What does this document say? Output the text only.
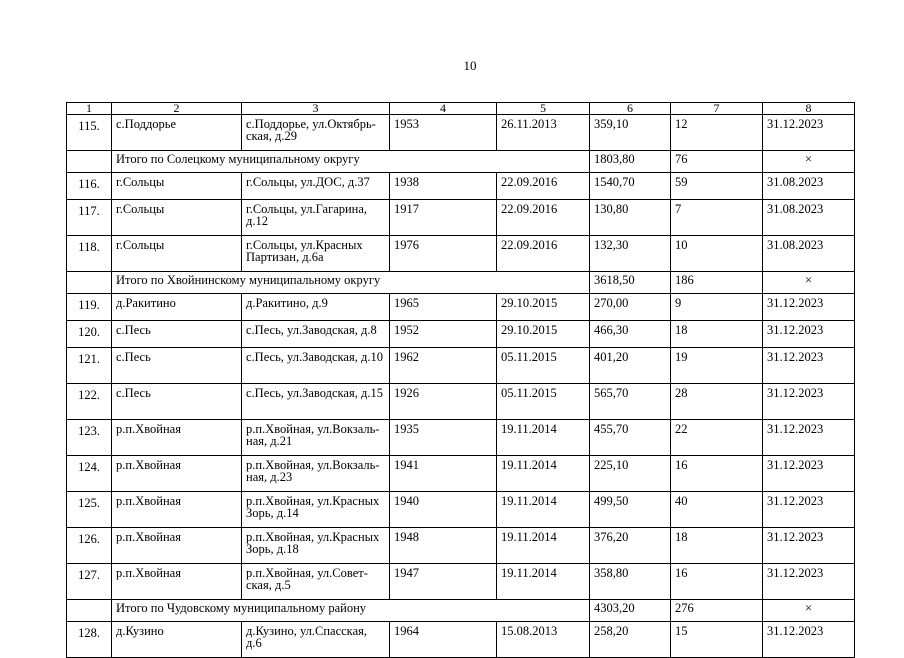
10
1	2	3	4	5	6	7	8
115.	с.Поддорье	с.Поддорье, ул.Октябрь-ская, д.29	1953	26.11.2013	359,10	12	31.12.2023
	Итого по Солецкому муниципальному округу				1803,80	76	×
116.	г.Сольцы	г.Сольцы, ул.ДОС, д.37	1938	22.09.2016	1540,70	59	31.08.2023
117.	г.Сольцы	г.Сольцы, ул.Гагарина, д.12	1917	22.09.2016	130,80	7	31.08.2023
118.	г.Сольцы	г.Сольцы, ул.Красных Партизан, д.6а	1976	22.09.2016	132,30	10	31.08.2023
	Итого по Хвойнинскому муниципальному округу				3618,50	186	×
119.	д.Ракитино	д.Ракитино, д.9	1965	29.10.2015	270,00	9	31.12.2023
120.	с.Песь	с.Песь, ул.Заводская, д.8	1952	29.10.2015	466,30	18	31.12.2023
121.	с.Песь	с.Песь, ул.Заводская, д.10	1962	05.11.2015	401,20	19	31.12.2023
122.	с.Песь	с.Песь, ул.Заводская, д.15	1926	05.11.2015	565,70	28	31.12.2023
123.	р.п.Хвойная	р.п.Хвойная, ул.Вокзаль-ная, д.21	1935	19.11.2014	455,70	22	31.12.2023
124.	р.п.Хвойная	р.п.Хвойная, ул.Вокзаль-ная, д.23	1941	19.11.2014	225,10	16	31.12.2023
125.	р.п.Хвойная	р.п.Хвойная, ул.Красных Зорь, д.14	1940	19.11.2014	499,50	40	31.12.2023
126.	р.п.Хвойная	р.п.Хвойная, ул.Красных Зорь, д.18	1948	19.11.2014	376,20	18	31.12.2023
127.	р.п.Хвойная	р.п.Хвойная, ул.Совет-ская, д.5	1947	19.11.2014	358,80	16	31.12.2023
	Итого по Чудовскому муниципальному району				4303,20	276	×
128.	д.Кузино	д.Кузино, ул.Спасская, д.6	1964	15.08.2013	258,20	15	31.12.2023
